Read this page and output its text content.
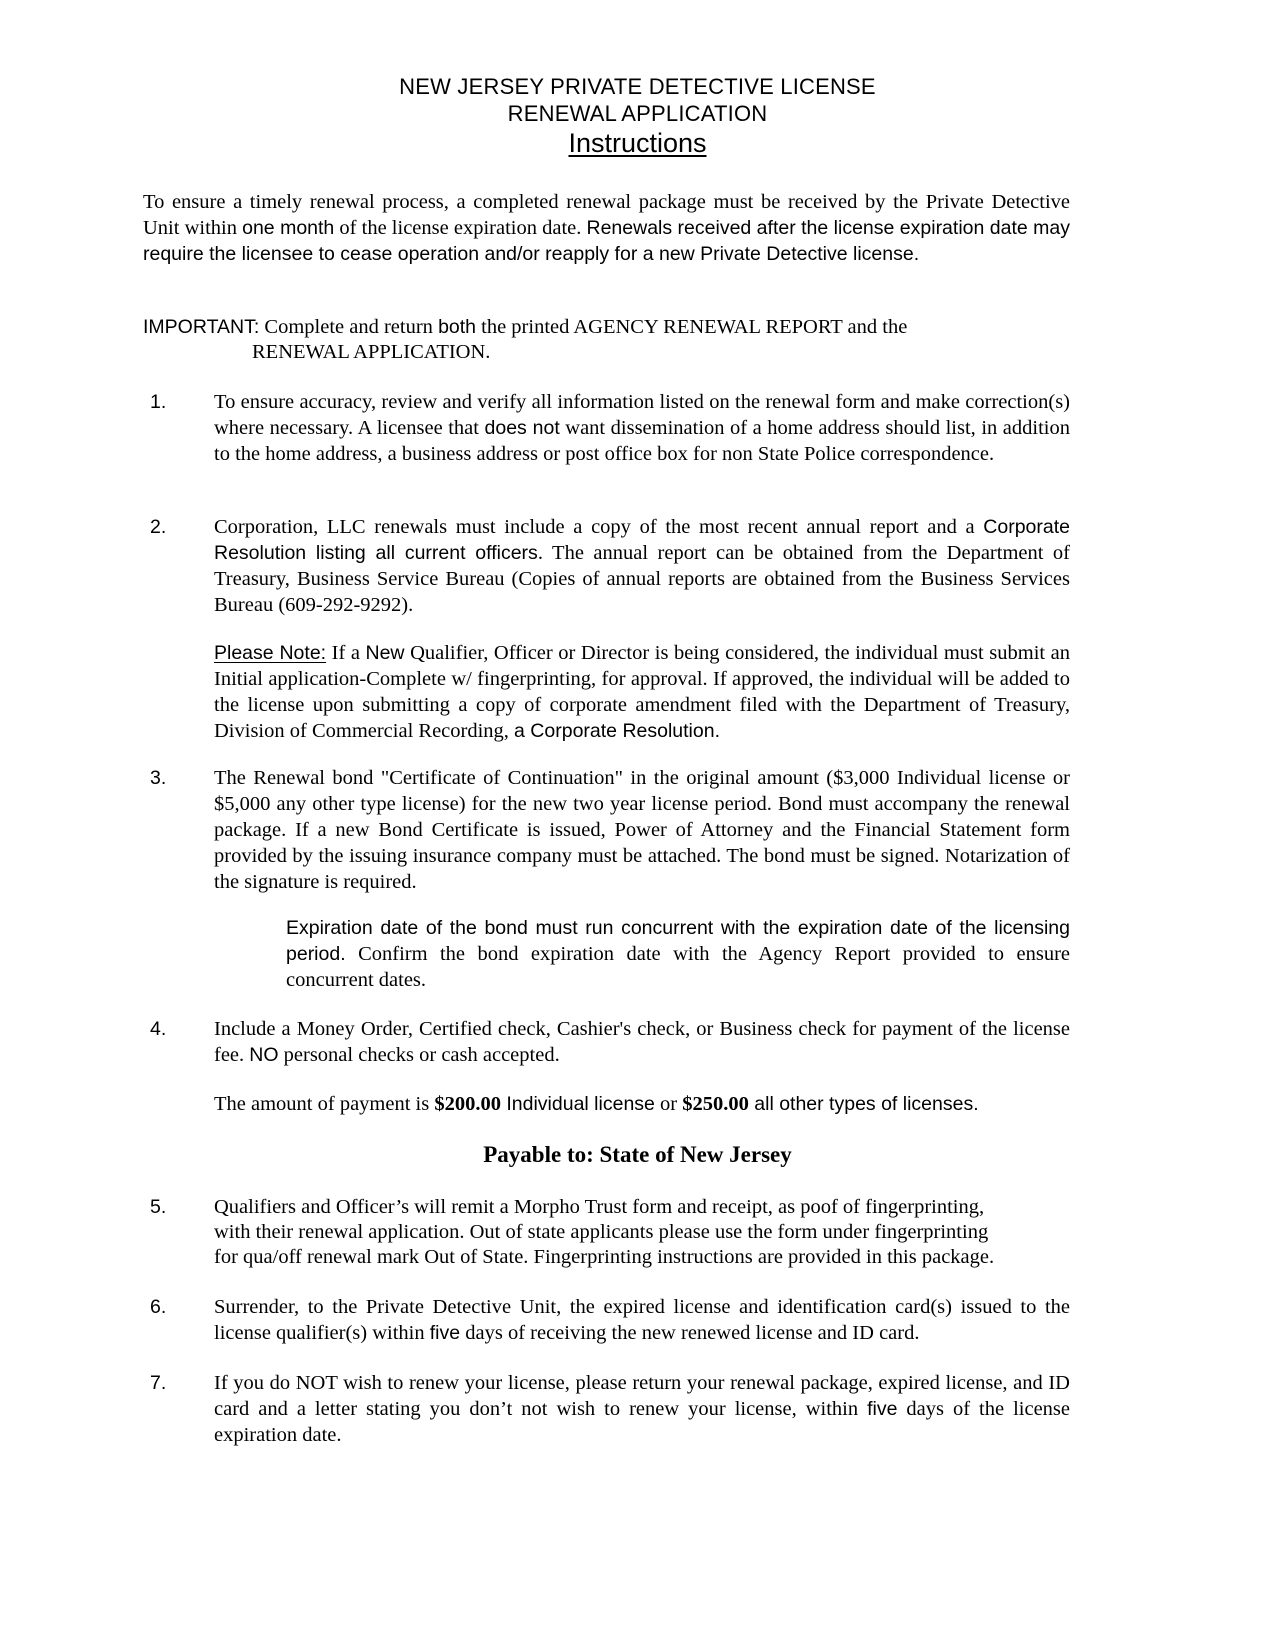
NEW JERSEY PRIVATE DETECTIVE LICENSE
RENEWAL APPLICATION
Instructions
To ensure a timely renewal process, a completed renewal package must be received by the Private Detective Unit within one month of the license expiration date. Renewals received after the license expiration date may require the licensee to cease operation and/or reapply for a new Private Detective license.
IMPORTANT: Complete and return both the printed AGENCY RENEWAL REPORT and the
RENEWAL APPLICATION.
1. To ensure accuracy, review and verify all information listed on the renewal form and make correction(s) where necessary. A licensee that does not want dissemination of a home address should list, in addition to the home address, a business address or post office box for non State Police correspondence.
2. Corporation, LLC renewals must include a copy of the most recent annual report and a Corporate Resolution listing all current officers. The annual report can be obtained from the Department of Treasury, Business Service Bureau (Copies of annual reports are obtained from the Business Services Bureau (609-292-9292).
Please Note: If a New Qualifier, Officer or Director is being considered, the individual must submit an Initial application-Complete w/ fingerprinting, for approval. If approved, the individual will be added to the license upon submitting a copy of corporate amendment filed with the Department of Treasury, Division of Commercial Recording, a Corporate Resolution.
3. The Renewal bond "Certificate of Continuation" in the original amount ($3,000 Individual license or $5,000 any other type license) for the new two year license period. Bond must accompany the renewal package. If a new Bond Certificate is issued, Power of Attorney and the Financial Statement form provided by the issuing insurance company must be attached. The bond must be signed. Notarization of the signature is required.
Expiration date of the bond must run concurrent with the expiration date of the licensing period. Confirm the bond expiration date with the Agency Report provided to ensure concurrent dates.
4. Include a Money Order, Certified check, Cashier's check, or Business check for payment of the license fee. NO personal checks or cash accepted.
The amount of payment is $200.00 Individual license or $250.00 all other types of licenses.
Payable to: State of New Jersey
5. Qualifiers and Officer’s will remit a Morpho Trust form and receipt, as poof of fingerprinting,
with their renewal application. Out of state applicants please use the form under fingerprinting
for qua/off renewal mark Out of State. Fingerprinting instructions are provided in this package.
6. Surrender, to the Private Detective Unit, the expired license and identification card(s) issued to the license qualifier(s) within five days of receiving the new renewed license and ID card.
7. If you do NOT wish to renew your license, please return your renewal package, expired license, and ID card and a letter stating you don’t not wish to renew your license, within five days of the license expiration date.
